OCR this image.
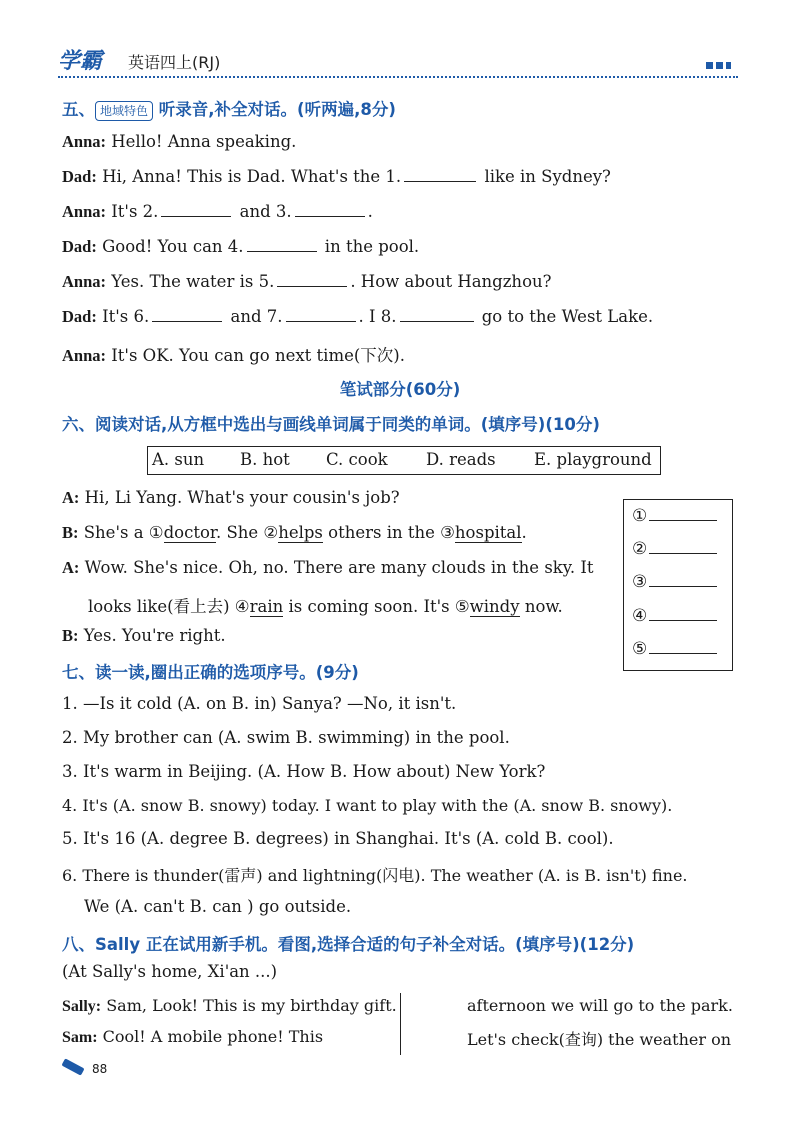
学霸 英语四上(RJ)
五、 地域特色 听录音,补全对话。(听两遍,8分)
Anna: Hello! Anna speaking.
Dad: Hi, Anna! This is Dad. What's the 1.	like in Sydney?
Anna: It's 2.	and 3.	.
Dad: Good! You can 4.	in the pool.
Anna: Yes. The water is 5.	. How about Hangzhou?
Dad: It's 6.	and 7.	. I 8.	go to the West Lake.
Anna: It's OK. You can go next time(下次).
笔试部分(60分)
六、阅读对话,从方框中选出与画线单词属于同类的单词。(填序号)(10分)
A. sun B. hot C. cook D. reads E. playground
A: Hi, Li Yang. What's your cousin's job?
B: She's a ①doctor. She ②helps others in the ③hospital.
A: Wow. She's nice. Oh, no. There are many clouds in the sky. It
looks like(看上去) ④rain is coming soon. It's ⑤windy now.
B: Yes. You're right.
①
②
③
④
⑤
七、读一读,圈出正确的选项序号。(9分)
1. —Is it cold (A. on B. in) Sanya? —No, it isn't.
2. My brother can (A. swim B. swimming) in the pool.
3. It's warm in Beijing. (A. How B. How about) New York?
4. It's (A. snow B. snowy) today. I want to play with the (A. snow B. snowy).
5. It's 16 (A. degree B. degrees) in Shanghai. It's (A. cold B. cool).
6. There is thunder(雷声) and lightning(闪电). The weather (A. is B. isn't) fine.
We (A. can't B. can ) go outside.
八、Sally 正在试用新手机。看图,选择合适的句子补全对话。(填序号)(12分)
(At Sally's home, Xi'an ...)
Sally: Sam, Look! This is my birthday gift.
Sam: Cool! A mobile phone! This
afternoon we will go to the park.
Let's check(查询) the weather on
88
